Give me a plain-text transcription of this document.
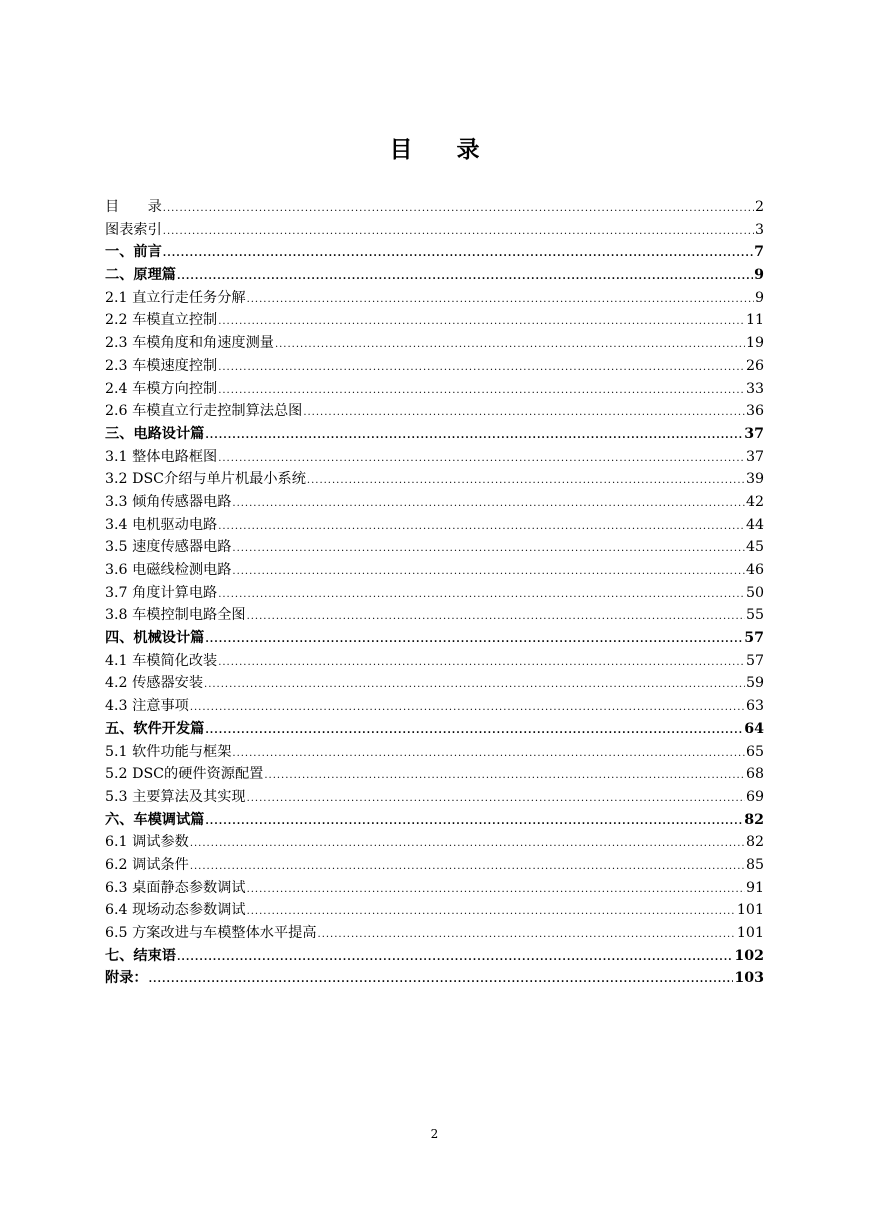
目 录
目　　录 .....	2
图表索引 .....	3
一、前言 .....	7
二、原理篇 .....	9
2.1 直立行走任务分解 .....	9
2.2 车模直立控制 .....	11
2.3 车模角度和角速度测量 .....	19
2.3 车模速度控制 .....	26
2.4 车模方向控制 .....	33
2.6 车模直立行走控制算法总图 .....	36
三、电路设计篇 .....	37
3.1 整体电路框图 .....	37
3.2 DSC介绍与单片机最小系统 .....	39
3.3 倾角传感器电路 .....	42
3.4 电机驱动电路 .....	44
3.5 速度传感器电路 .....	45
3.6 电磁线检测电路 .....	46
3.7 角度计算电路 .....	50
3.8 车模控制电路全图 .....	55
四、机械设计篇 .....	57
4.1 车模简化改装 .....	57
4.2 传感器安装 .....	59
4.3 注意事项 .....	63
五、软件开发篇 .....	64
5.1 软件功能与框架 .....	65
5.2 DSC的硬件资源配置 .....	68
5.3 主要算法及其实现 .....	69
六、车模调试篇 .....	82
6.1 调试参数 .....	82
6.2 调试条件 .....	85
6.3 桌面静态参数调试 .....	91
6.4 现场动态参数调试 .....	101
6.5 方案改进与车模整体水平提高 .....	101
七、结束语 .....	102
附录： .....	103
2
